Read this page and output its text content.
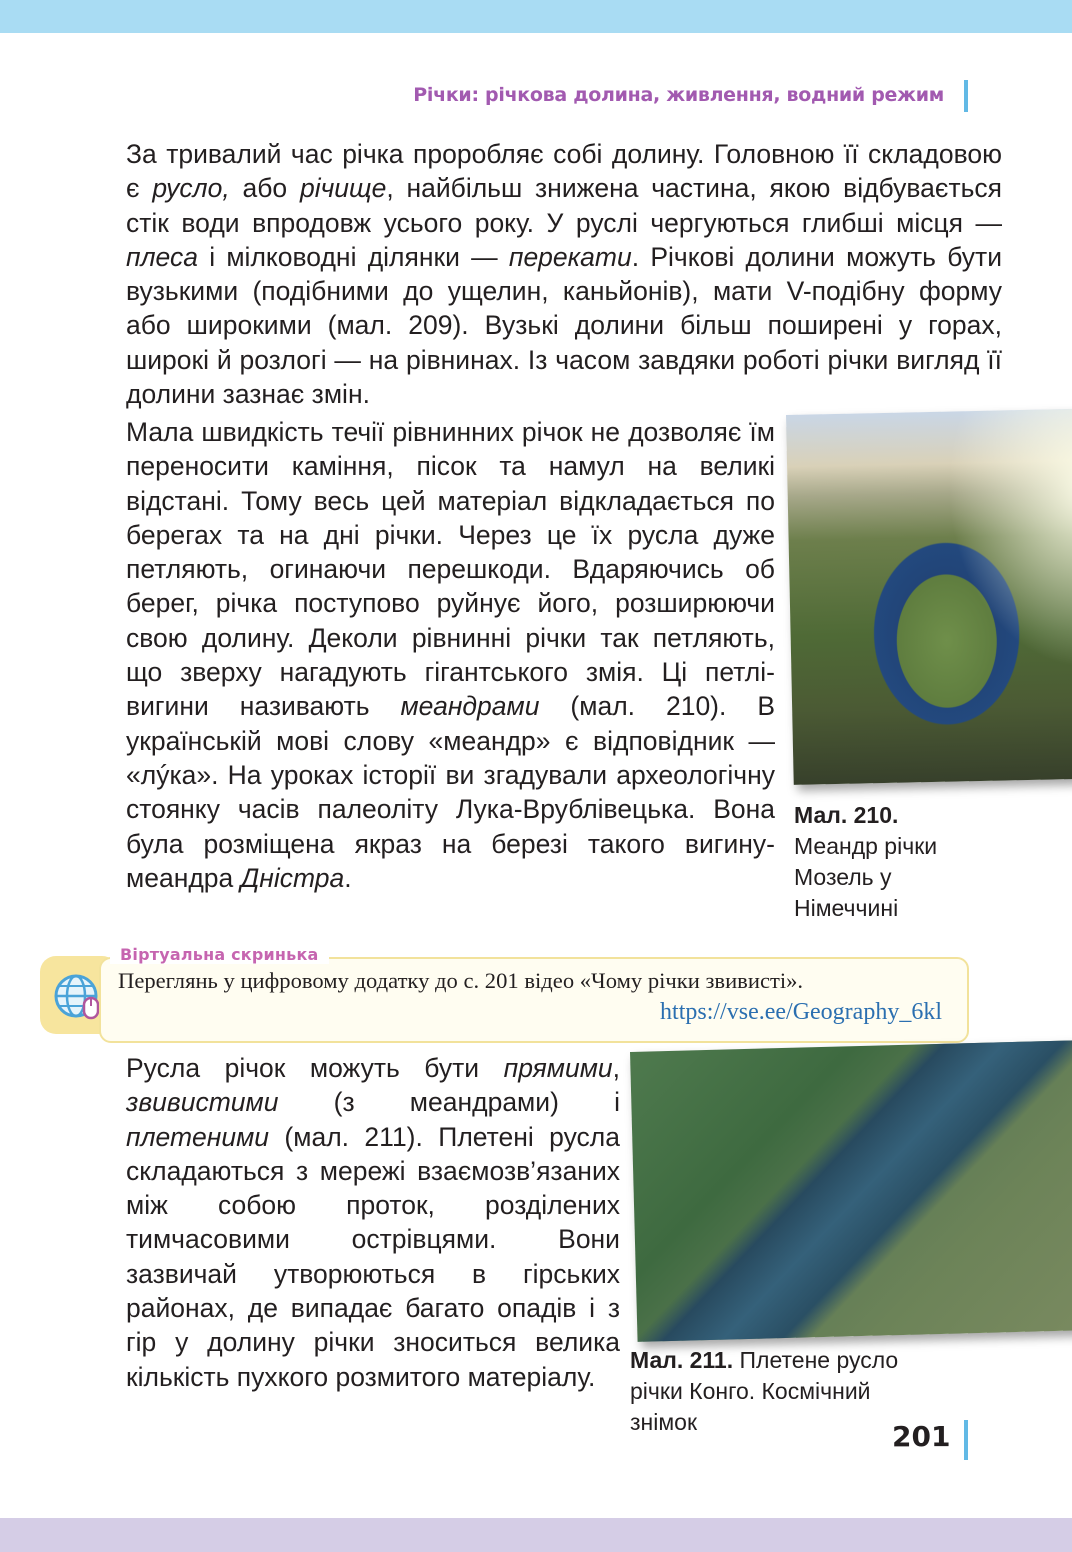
Річки: річкова долина, живлення, водний режим

За тривалий час річка проробляє собі долину. Головною її складовою є русло, або річище, найбільш знижена частина, якою відбувається стік води впродовж усього року. У руслі чергуються глибші місця — плеса і мілководні ділянки — перекати. Річкові долини можуть бути вузькими (подібними до ущелин, каньйонів), мати V-подібну форму або широкими (мал. 209). Вузькі долини більш поширені у горах, широкі й розлогі — на рівнинах. Із часом завдяки роботі річки вигляд її долини зазнає змін.

Мала швидкість течії рівнинних річок не дозволяє їм переносити каміння, пісок та намул на великі відстані. Тому весь цей матеріал відкладається по берегах та на дні річки. Через це їх русла дуже петляють, огинаючи перешкоди. Вдаряючись об берег, річка поступово руйнує його, розширюючи свою долину. Деколи рівнинні річки так петляють, що зверху нагадують гігантського змія. Ці петлі-вигини називають меандрами (мал. 210). В українській мові слову «меандр» є відповідник — «лýка». На уроках історії ви згадували археологічну стоянку часів палеоліту Лука-Врублівецька. Вона була розміщена якраз на березі такого вигину-меандра Дністра.

Мал. 210.
Меандр річки Мозель у Німеччині

Віртуальна скринька

Переглянь у цифровому додатку до с. 201 відео «Чому річки звивисті».

https://vse.ee/Geography_6kl

Русла річок можуть бути прямими, звивистими (з меандрами) і плетеними (мал. 211). Плетені русла складаються з мережі взаємозв’язаних між собою проток, розділених тимчасовими острівцями. Вони зазвичай утворюються в гірських районах, де випадає багато опадів і з гір у долину річки зноситься велика кількість пухкого розмитого матеріалу.

Мал. 211. Плетене русло річки Конго. Космічний знімок	201
